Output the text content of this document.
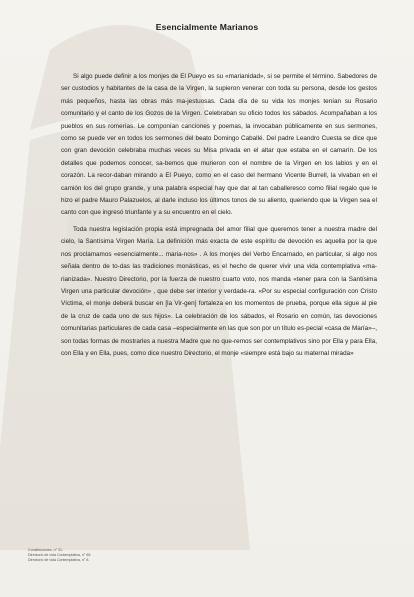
Esencialmente Marianos

Si algo puede definir a los monjes de El Pueyo es su «marianidad», si se permite el término. Sabedores de ser custodios y habitantes de la casa de la Virgen, la supieron venerar con toda su persona, desde los gestos más pequeños, hasta las obras más ma-jestuosas. Cada día de su vida los monjes tenían su Rosario comunitario y el canto de los Gozos de la Virgen. Celebraban su oficio todos los sábados. Acompañaban a los pueblos en sus romerías. Le componían canciones y poemas, la invocaban públicamente en sus sermones, como se puede ver en todos los sermones del beato Domingo Caballé. Del padre Leandro Cuesta se dice que con gran devoción celebraba muchas veces su Misa privada en el altar que estaba en el camarín. De los detalles que podemos conocer, sa-bemos que murieron con el nombre de la Virgen en los labios y en el corazón. La recor-daban mirando a El Pueyo, como en el caso del hermano Vicente Burrell, la vivaban en el camión los del grupo grande, y una palabra especial hay que dar al tan caballeresco como filial regalo que le hizo el padre Mauro Palazuelos, al darle incluso los últimos tonos de su aliento, queriendo que la Virgen sea el canto con que ingresó triunfante y a su encuentro en el cielo.

Toda nuestra legislación propia está impregnada del amor filial que queremos tener a nuestra madre del cielo, la Santísima Virgen María. La definición más exacta de este espíritu de devoción es aquella por la que nos proclamamos «esencialmente... maria-nos» . A los monjes del Verbo Encarnado, en particular, si algo nos señala dentro de to-das las tradiciones monásticas, es el hecho de querer vivir una vida contemplativa «ma-rianizada». Nuestro Directorio, por la fuerza de nuestro cuarto voto, nos manda «tener para con la Santísima Virgen una particular devoción» , que debe ser interior y verdade-ra. «Por su especial configuración con Cristo Víctima, el monje deberá buscar en [la Vir-gen] fortaleza en los momentos de prueba, porque ella sigue al pie de la cruz de cada uno de sus hijos». La celebración de los sábados, el Rosario en común, las devociones comunitarias particulares de cada casa –especialmente en las que son por un título es-pecial «casa de María»–, son todas formas de mostrarles a nuestra Madre que no que-remos ser contemplativos sino por Ella y para Ella, con Ella y en Ella, pues, como dice nuestro Directorio, el monje «siempre está bajo su maternal mirada»

Constituciones, n° 31.
Directorio de vida Contemplativa, n° 65.
Directorio de vida Contemplativa, n° 8.
